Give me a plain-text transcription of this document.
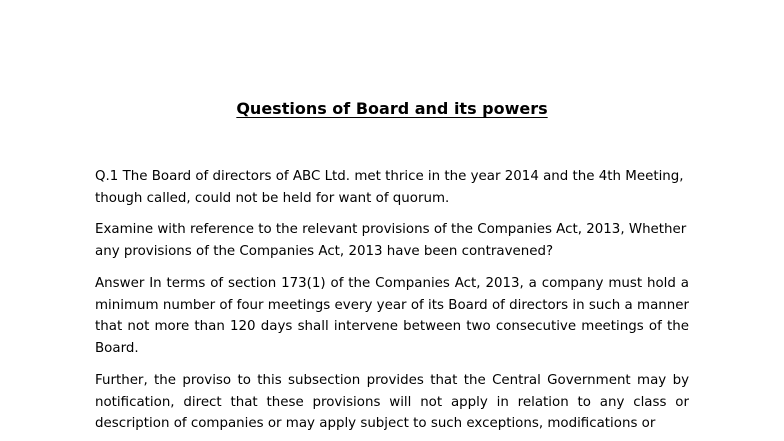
Questions of Board and its powers

Q.1 The Board of directors of ABC Ltd. met thrice in the year 2014 and the 4th Meeting, though called, could not be held for want of quorum.

Examine with reference to the relevant provisions of the Companies Act, 2013, Whether any provisions of the Companies Act, 2013 have been contravened?

Answer In terms of section 173(1) of the Companies Act, 2013, a company must hold a minimum number of four meetings every year of its Board of directors in such a manner that not more than 120 days shall intervene between two consecutive meetings of the Board.

Further, the proviso to this subsection provides that the Central Government may by notification, direct that these provisions will not apply in relation to any class or description of companies or may apply subject to such exceptions, modifications or
